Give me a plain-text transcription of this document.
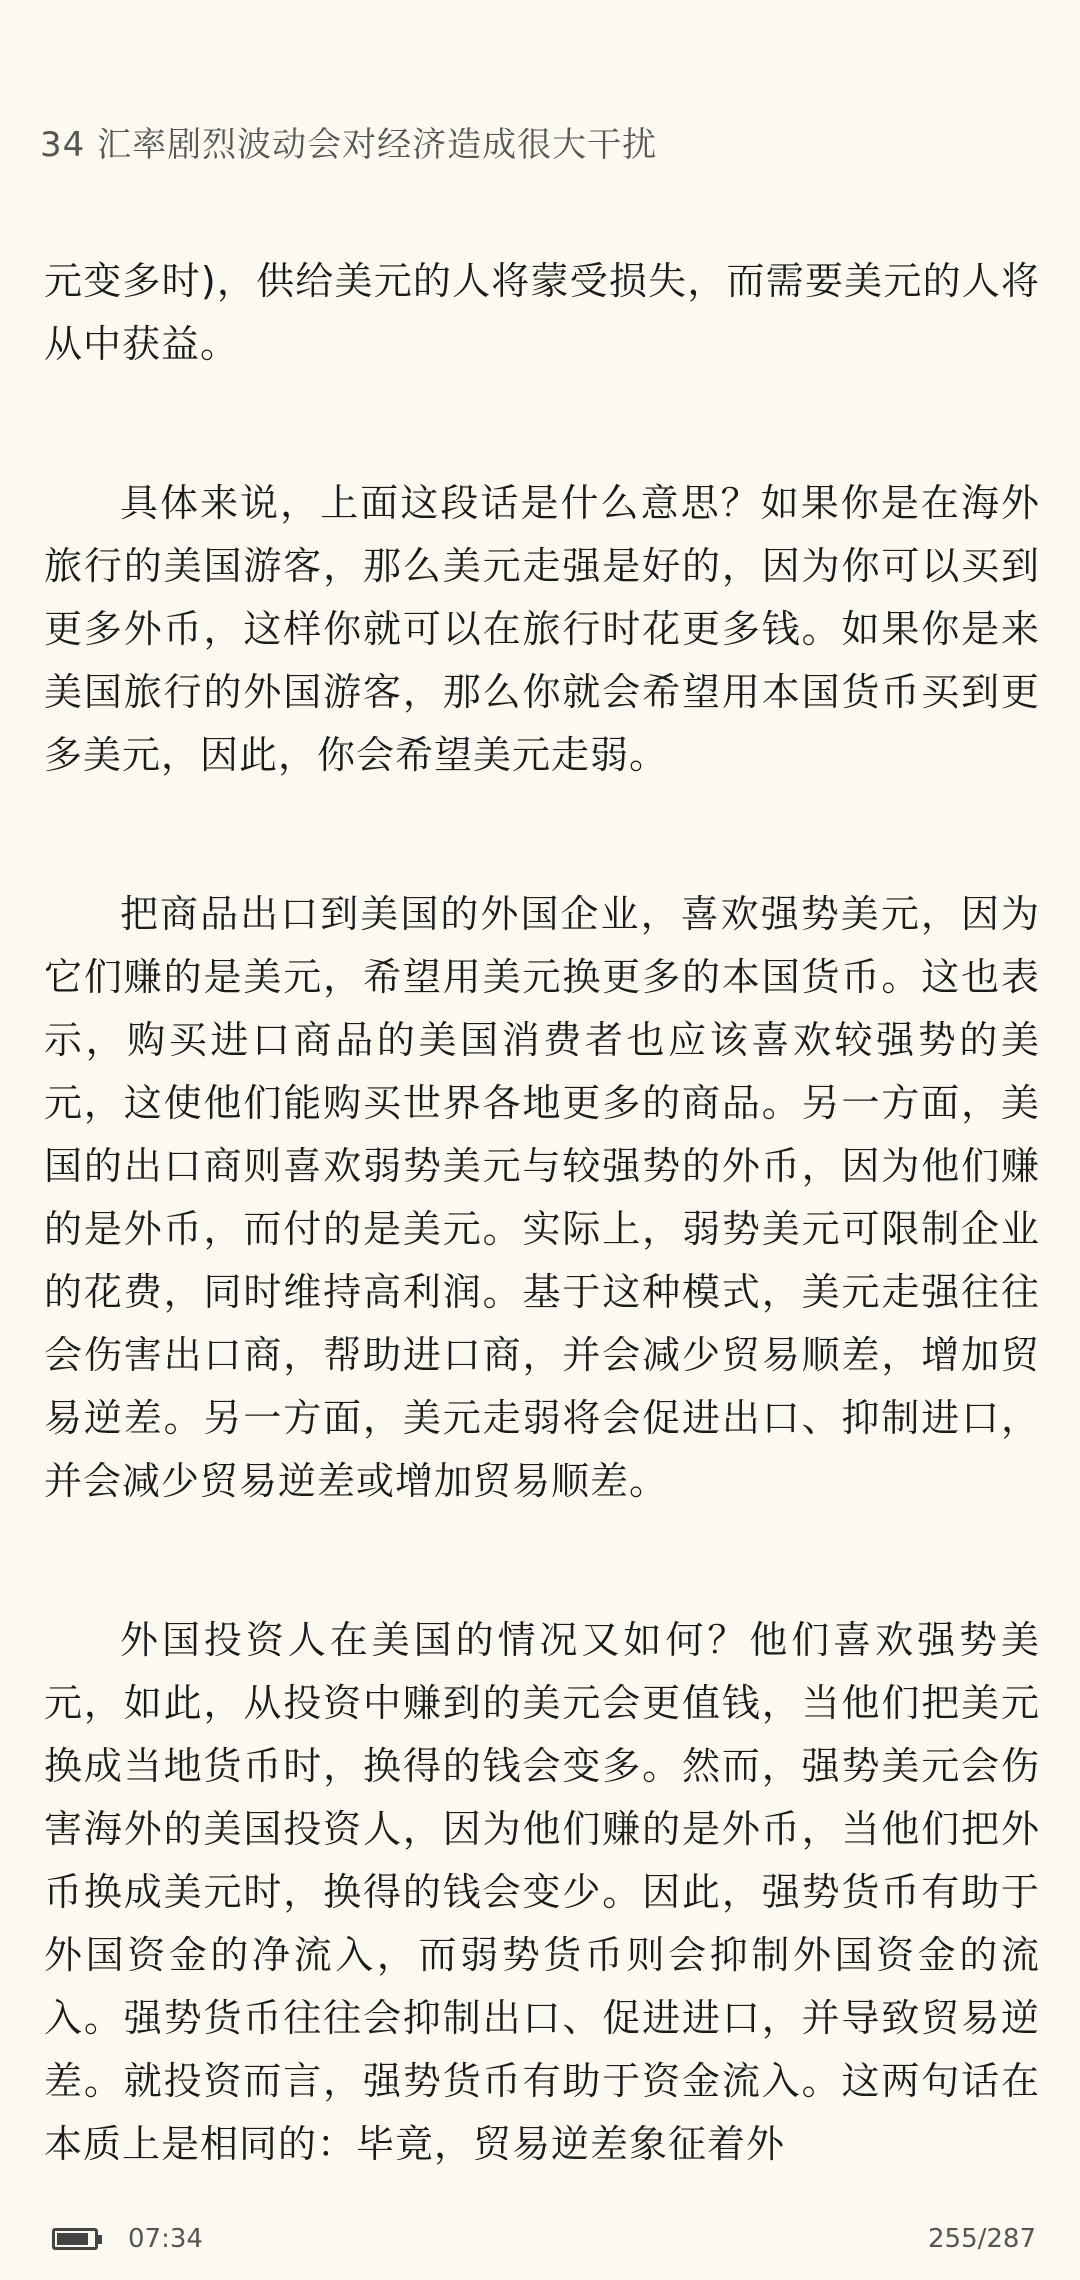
34 汇率剧烈波动会对经济造成很大干扰

元变多时)，供给美元的人将蒙受损失，而需要美元的人将从中获益。

具体来说，上面这段话是什么意思？如果你是在海外旅行的美国游客，那么美元走强是好的，因为你可以买到更多外币，这样你就可以在旅行时花更多钱。如果你是来美国旅行的外国游客，那么你就会希望用本国货币买到更多美元，因此，你会希望美元走弱。

把商品出口到美国的外国企业，喜欢强势美元，因为它们赚的是美元，希望用美元换更多的本国货币。这也表示，购买进口商品的美国消费者也应该喜欢较强势的美元，这使他们能购买世界各地更多的商品。另一方面，美国的出口商则喜欢弱势美元与较强势的外币，因为他们赚的是外币，而付的是美元。实际上，弱势美元可限制企业的花费，同时维持高利润。基于这种模式，美元走强往往会伤害出口商，帮助进口商，并会减少贸易顺差，增加贸易逆差。另一方面，美元走弱将会促进出口、抑制进口，并会减少贸易逆差或增加贸易顺差。

外国投资人在美国的情况又如何？他们喜欢强势美元，如此，从投资中赚到的美元会更值钱，当他们把美元换成当地货币时，换得的钱会变多。然而，强势美元会伤害海外的美国投资人，因为他们赚的是外币，当他们把外币换成美元时，换得的钱会变少。因此，强势货币有助于外国资金的净流入，而弱势货币则会抑制外国资金的流入。强势货币往往会抑制出口、促进进口，并导致贸易逆差。就投资而言，强势货币有助于资金流入。这两句话在本质上是相同的：毕竟，贸易逆差象征着外

07:34	255/287
